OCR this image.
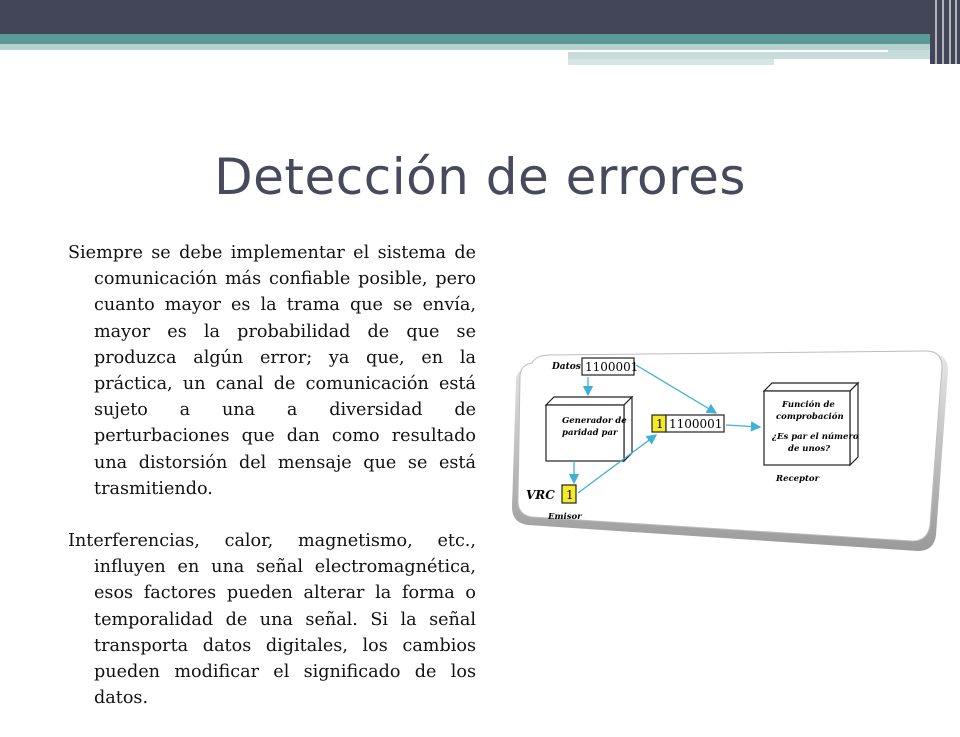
Detección de errores

Siempre se debe implementar el sistema de comunicación más confiable posible, pero cuanto mayor es la trama que se envía, mayor es la probabilidad de que se produzca algún error; ya que, en la práctica, un canal de comunicación está sujeto a una a diversidad de perturbaciones que dan como resultado una distorsión del mensaje que se está trasmitiendo.

Interferencias, calor, magnetismo, etc., influyen en una señal electromagnética, esos factores pueden alterar la forma o temporalidad de una señal. Si la señal transporta datos digitales, los cambios pueden modificar el significado de los datos.

Datos 1100001
Generador de
paridad par
1 1100001
Función de
comprobación
¿Es par el número
de unos?
Receptor
VRC 1
Emisor
